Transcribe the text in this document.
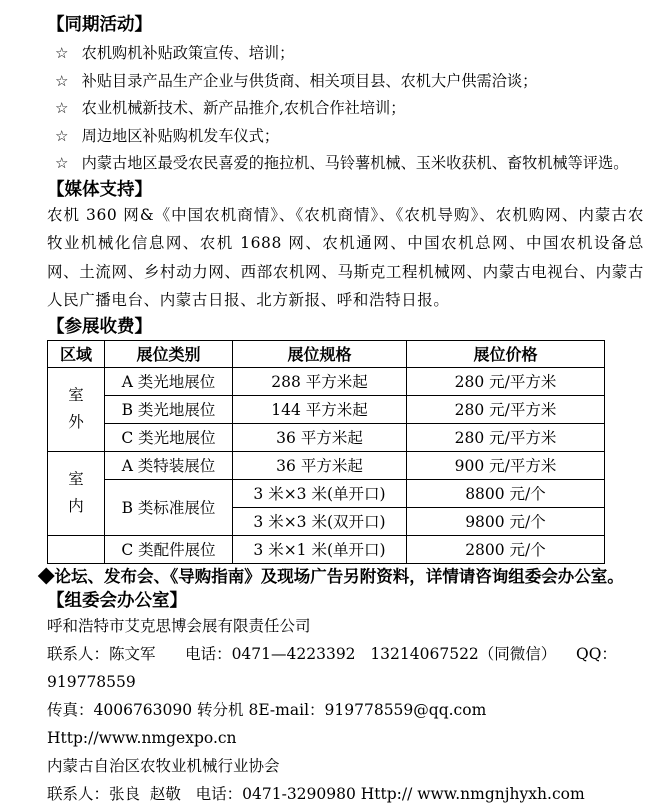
【同期活动】
☆ 农机购机补贴政策宣传、培训；
☆ 补贴目录产品生产企业与供货商、相关项目县、农机大户供需洽谈；
☆ 农业机械新技术、新产品推介,农机合作社培训；
☆ 周边地区补贴购机发车仪式；
☆ 内蒙古地区最受农民喜爱的拖拉机、马铃薯机械、玉米收获机、畜牧机械等评选。
【媒体支持】

农机 360 网&《中国农机商情》、《农机商情》、《农机导购》、农机购网、内蒙古农牧业机械化信息网、农机 1688 网、农机通网、中国农机总网、中国农机设备总网、土流网、乡村动力网、西部农机网、马斯克工程机械网、内蒙古电视台、内蒙古人民广播电台、内蒙古日报、北方新报、呼和浩特日报。

【参展收费】
区域	展位类别	展位规格	展位价格
室外	A 类光地展位	288 平方米起	280 元/平方米
	B 类光地展位	144 平方米起	280 元/平方米
	C 类光地展位	36 平方米起	280 元/平方米
室内	A 类特装展位	36 平方米起	900 元/平方米
	B 类标准展位	3 米×3 米(单开口)	8800 元/个
		3 米×3 米(双开口)	9800 元/个
	C 类配件展位	3 米×1 米(单开口)	2800 元/个

◆论坛、发布会、《导购指南》及现场广告另附资料，详情请咨询组委会办公室。

【组委会办公室】

呼和浩特市艾克思博会展有限责任公司

联系人：陈文军      电话：0471—4223392   13214067522（同微信）    QQ：919778559

传真：4006763090 转分机 8E-mail：919778559@qq.com Http://www.nmgexpo.cn

内蒙古自治区农牧业机械行业协会

联系人：张良  赵敬   电话：0471-3290980 Http:// www.nmgnjhyxh.com
